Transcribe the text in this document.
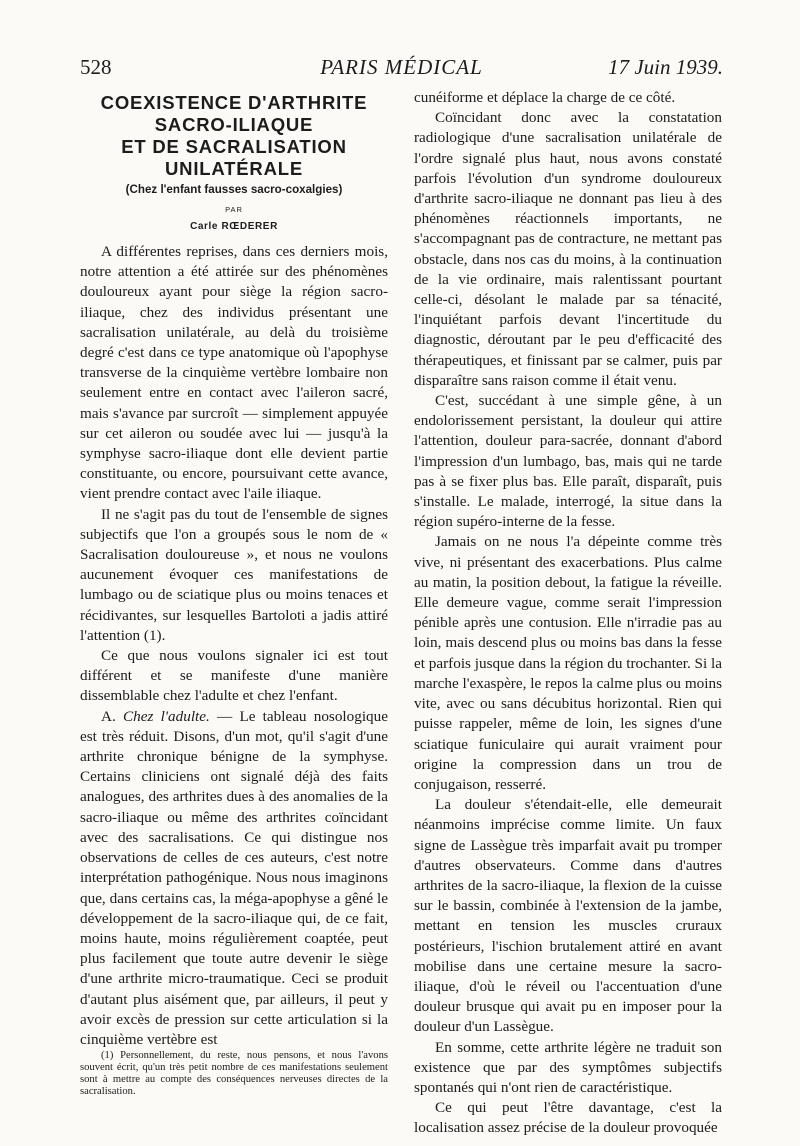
528	PARIS MÉDICAL	17 Juin 1939.
COEXISTENCE D'ARTHRITE
SACRO-ILIAQUE
ET DE SACRALISATION
UNILATÉRALE
(Chez l'enfant fausses sacro-coxalgies)
PAR
Carle RŒDERER

A différentes reprises, dans ces derniers mois, notre attention a été attirée sur des phénomènes douloureux ayant pour siège la région sacro-iliaque, chez des individus présentant une sacralisation unilatérale, au delà du troisième degré c'est dans ce type anatomique où l'apophyse transverse de la cinquième vertèbre lombaire non seulement entre en contact avec l'aileron sacré, mais s'avance par surcroît — simplement appuyée sur cet aileron ou soudée avec lui — jusqu'à la symphyse sacro-iliaque dont elle devient partie constituante, ou encore, poursuivant cette avance, vient prendre contact avec l'aile iliaque.

Il ne s'agit pas du tout de l'ensemble de signes subjectifs que l'on a groupés sous le nom de « Sacralisation douloureuse », et nous ne voulons aucunement évoquer ces manifestations de lumbago ou de sciatique plus ou moins tenaces et récidivantes, sur lesquelles Bartoloti a jadis attiré l'attention (1).

Ce que nous voulons signaler ici est tout différent et se manifeste d'une manière dissemblable chez l'adulte et chez l'enfant.

A. Chez l'adulte. — Le tableau nosologique est très réduit. Disons, d'un mot, qu'il s'agit d'une arthrite chronique bénigne de la symphyse. Certains cliniciens ont signalé déjà des faits analogues, des arthrites dues à des anomalies de la sacro-iliaque ou même des arthrites coïncidant avec des sacralisations. Ce qui distingue nos observations de celles de ces auteurs, c'est notre interprétation pathogénique. Nous nous imaginons que, dans certains cas, la méga-apophyse a gêné le développement de la sacro-iliaque qui, de ce fait, moins haute, moins régulièrement coaptée, peut plus facilement que toute autre devenir le siège d'une arthrite micro-traumatique. Ceci se produit d'autant plus aisément que, par ailleurs, il peut y avoir excès de pression sur cette articulation si la cinquième vertèbre est

(1) Personnellement, du reste, nous pensons, et nous l'avons souvent écrit, qu'un très petit nombre de ces manifestations seulement sont à mettre au compte des conséquences nerveuses directes de la sacralisation.

cunéiforme et déplace la charge de ce côté.

Coïncidant donc avec la constatation radiologique d'une sacralisation unilatérale de l'ordre signalé plus haut, nous avons constaté parfois l'évolution d'un syndrome douloureux d'arthrite sacro-iliaque ne donnant pas lieu à des phénomènes réactionnels importants, ne s'accompagnant pas de contracture, ne mettant pas obstacle, dans nos cas du moins, à la continuation de la vie ordinaire, mais ralentissant pourtant celle-ci, désolant le malade par sa ténacité, l'inquiétant parfois devant l'incertitude du diagnostic, déroutant par le peu d'efficacité des thérapeutiques, et finissant par se calmer, puis par disparaître sans raison comme il était venu.

C'est, succédant à une simple gêne, à un endolorissement persistant, la douleur qui attire l'attention, douleur para-sacrée, donnant d'abord l'impression d'un lumbago, bas, mais qui ne tarde pas à se fixer plus bas. Elle paraît, disparaît, puis s'installe. Le malade, interrogé, la situe dans la région supéro-interne de la fesse.

Jamais on ne nous l'a dépeinte comme très vive, ni présentant des exacerbations. Plus calme au matin, la position debout, la fatigue la réveille. Elle demeure vague, comme serait l'impression pénible après une contusion. Elle n'irradie pas au loin, mais descend plus ou moins bas dans la fesse et parfois jusque dans la région du trochanter. Si la marche l'exaspère, le repos la calme plus ou moins vite, avec ou sans décubitus horizontal. Rien qui puisse rappeler, même de loin, les signes d'une sciatique funiculaire qui aurait vraiment pour origine la compression dans un trou de conjugaison, resserré.

La douleur s'étendait-elle, elle demeurait néanmoins imprécise comme limite. Un faux signe de Lassègue très imparfait avait pu tromper d'autres observateurs. Comme dans d'autres arthrites de la sacro-iliaque, la flexion de la cuisse sur le bassin, combinée à l'extension de la jambe, mettant en tension les muscles cruraux postérieurs, l'ischion brutalement attiré en avant mobilise dans une certaine mesure la sacro-iliaque, d'où le réveil ou l'accentuation d'une douleur brusque qui avait pu en imposer pour la douleur d'un Lassègue.

En somme, cette arthrite légère ne traduit son existence que par des symptômes subjectifs spontanés qui n'ont rien de caractéristique.

Ce qui peut l'être davantage, c'est la localisation assez précise de la douleur provoquée
